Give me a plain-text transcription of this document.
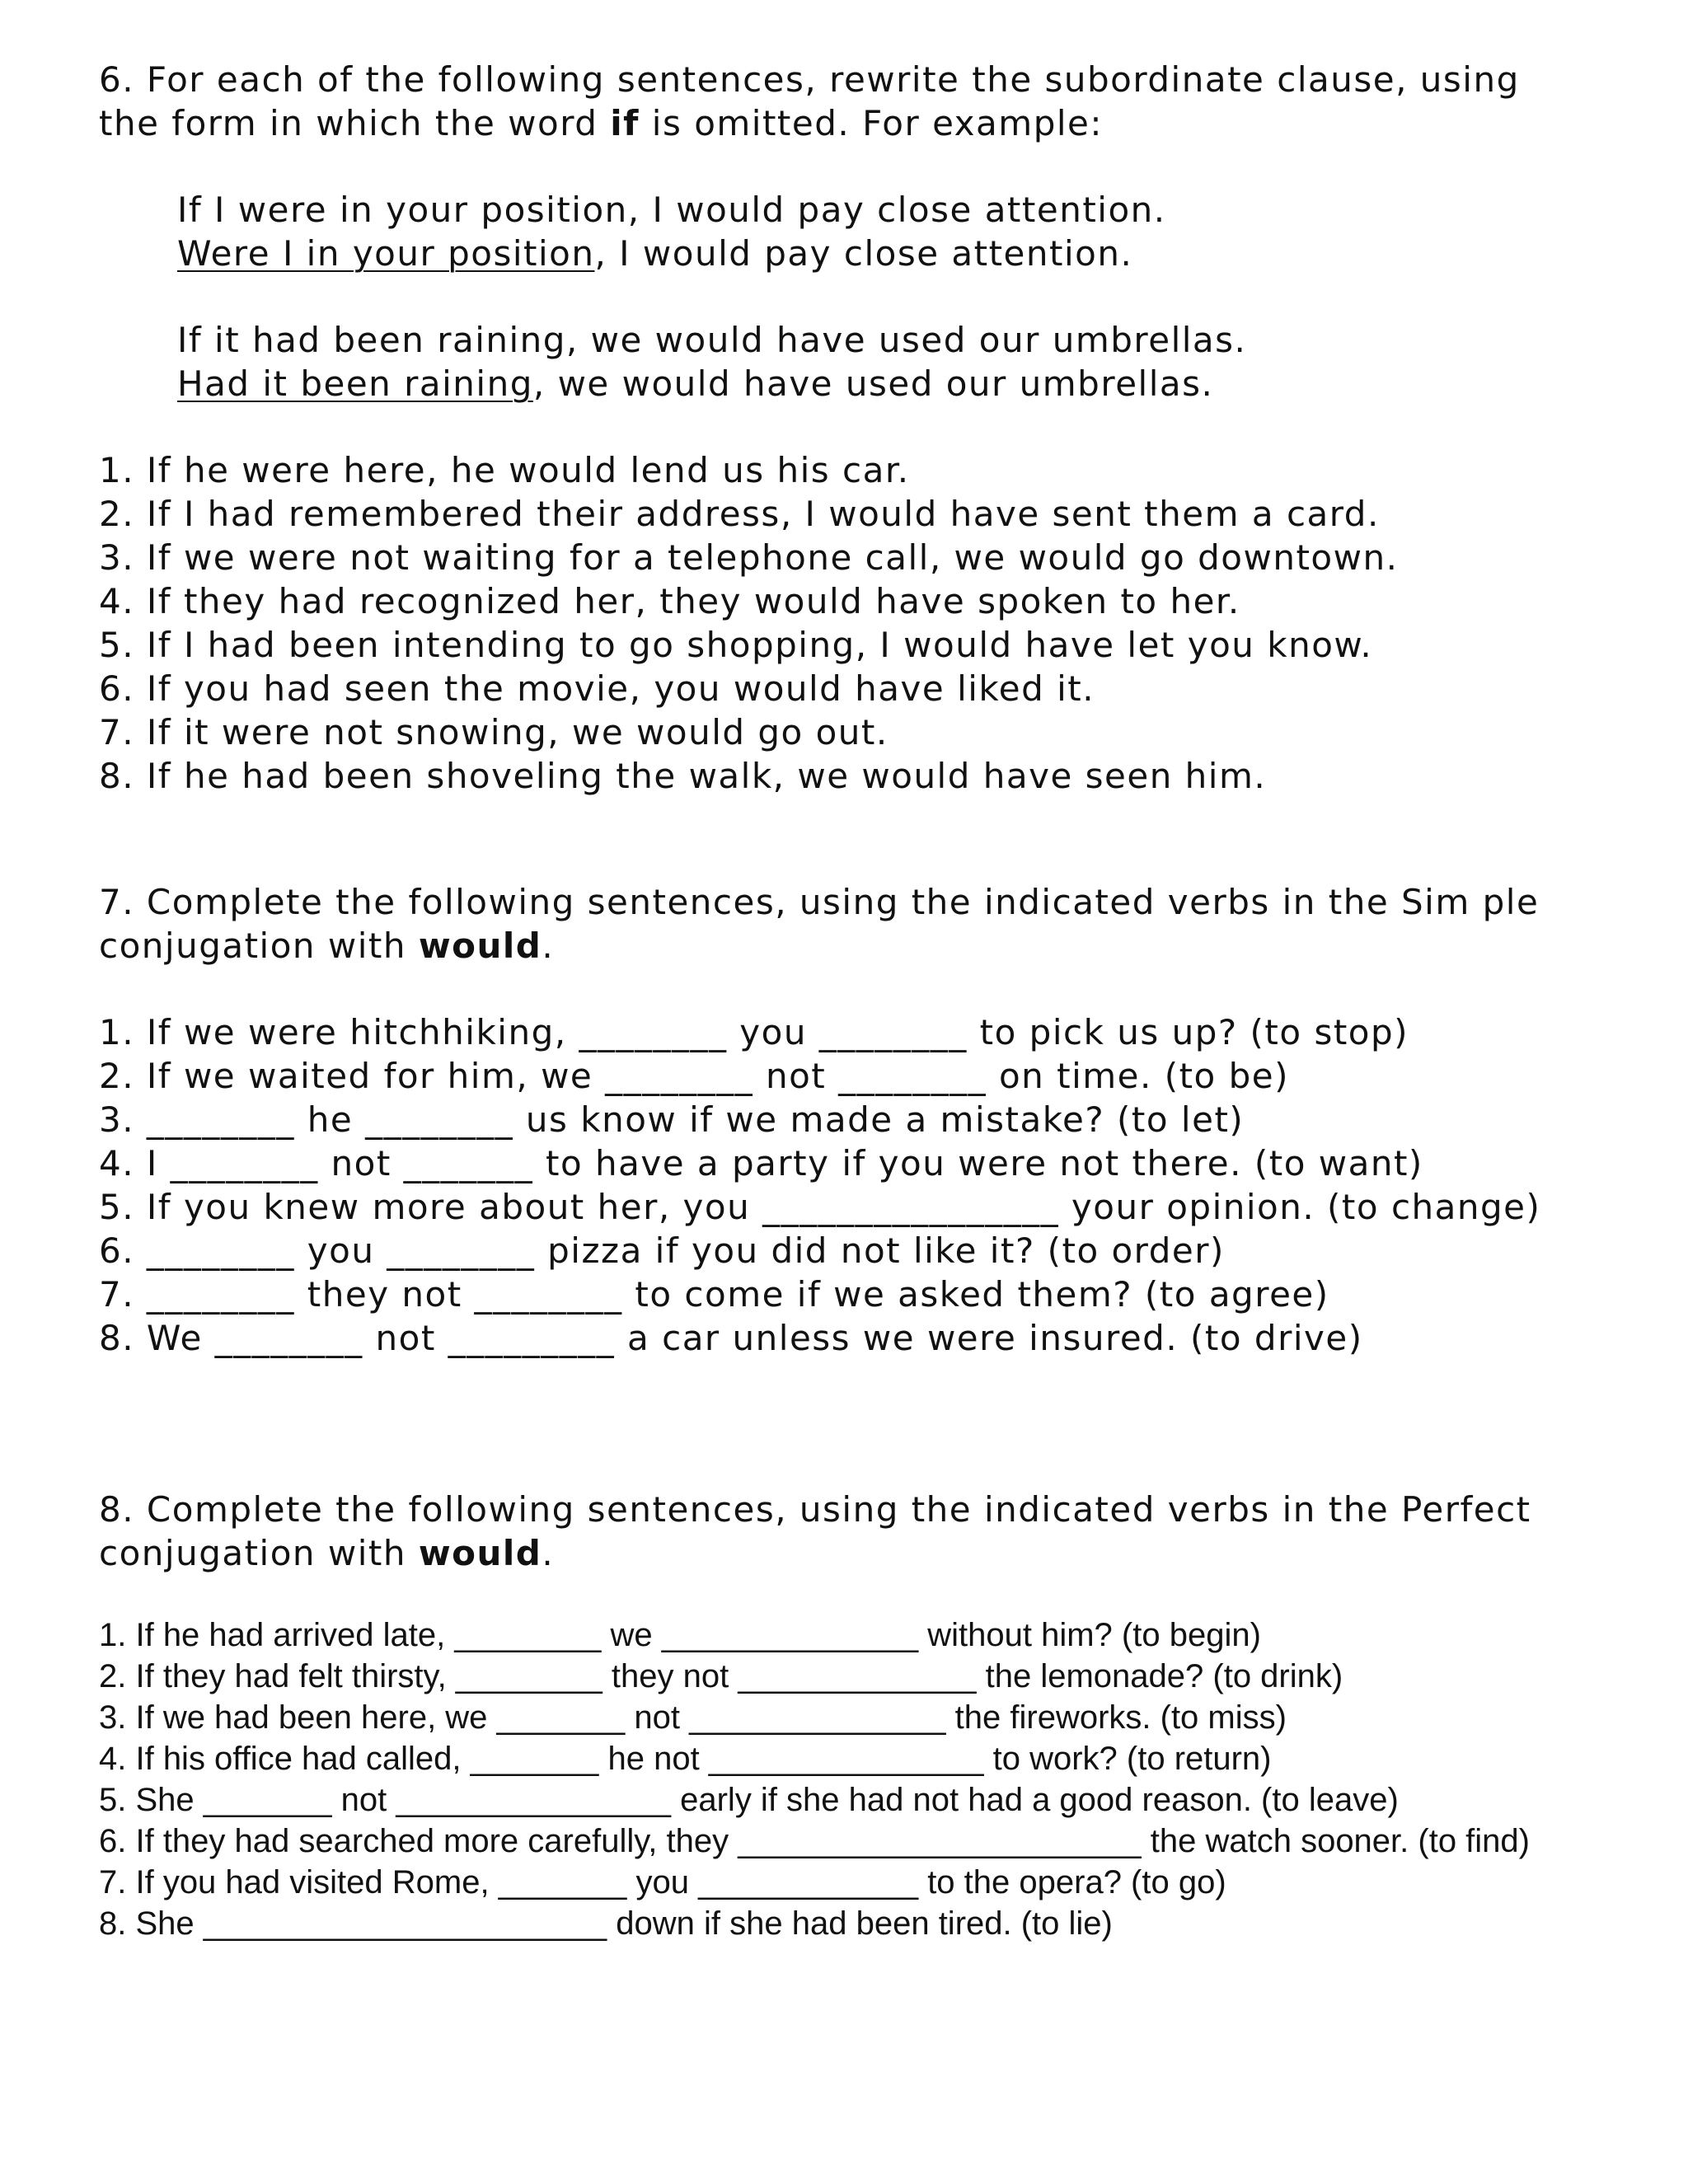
6. For each of the following sentences, rewrite the subordinate clause, using the form in which the word if is omitted. For example:

If I were in your position, I would pay close attention.

Were I in your position, I would pay close attention.

If it had been raining, we would have used our umbrellas.

Had it been raining, we would have used our umbrellas.

1. If he were here, he would lend us his car.
2. If I had remembered their address, I would have sent them a card.
3. If we were not waiting for a telephone call, we would go downtown.
4. If they had recognized her, they would have spoken to her.
5. If I had been intending to go shopping, I would have let you know.
6. If you had seen the movie, you would have liked it.
7. If it were not snowing, we would go out.
8. If he had been shoveling the walk, we would have seen him.

7. Complete the following sentences, using the indicated verbs in the Sim ple conjugation with would.

1. If we were hitchhiking, ________ you ________ to pick us up? (to stop)
2. If we waited for him, we ________ not ________ on time. (to be)
3. ________ he ________ us know if we made a mistake? (to let)
4. I ________ not _______ to have a party if you were not there. (to want)
5. If you knew more about her, you ________________ your opinion. (to change)
6. ________ you ________ pizza if you did not like it? (to order)
7. ________ they not ________ to come if we asked them? (to agree)
8. We ________ not _________ a car unless we were insured. (to drive)

8. Complete the following sentences, using the indicated verbs in the Perfect conjugation with would.

1. If he had arrived late, ________ we ______________ without him? (to begin)
2. If they had felt thirsty, ________ they not _____________ the lemonade? (to drink)
3. If we had been here, we _______ not ______________ the fireworks. (to miss)
4. If his office had called, _______ he not _______________ to work? (to return)
5. She _______ not _______________ early if she had not had a good reason. (to leave)
6. If they had searched more carefully, they ______________________ the watch sooner. (to find)
7. If you had visited Rome, _______ you ____________ to the opera? (to go)
8. She ______________________ down if she had been tired. (to lie)
